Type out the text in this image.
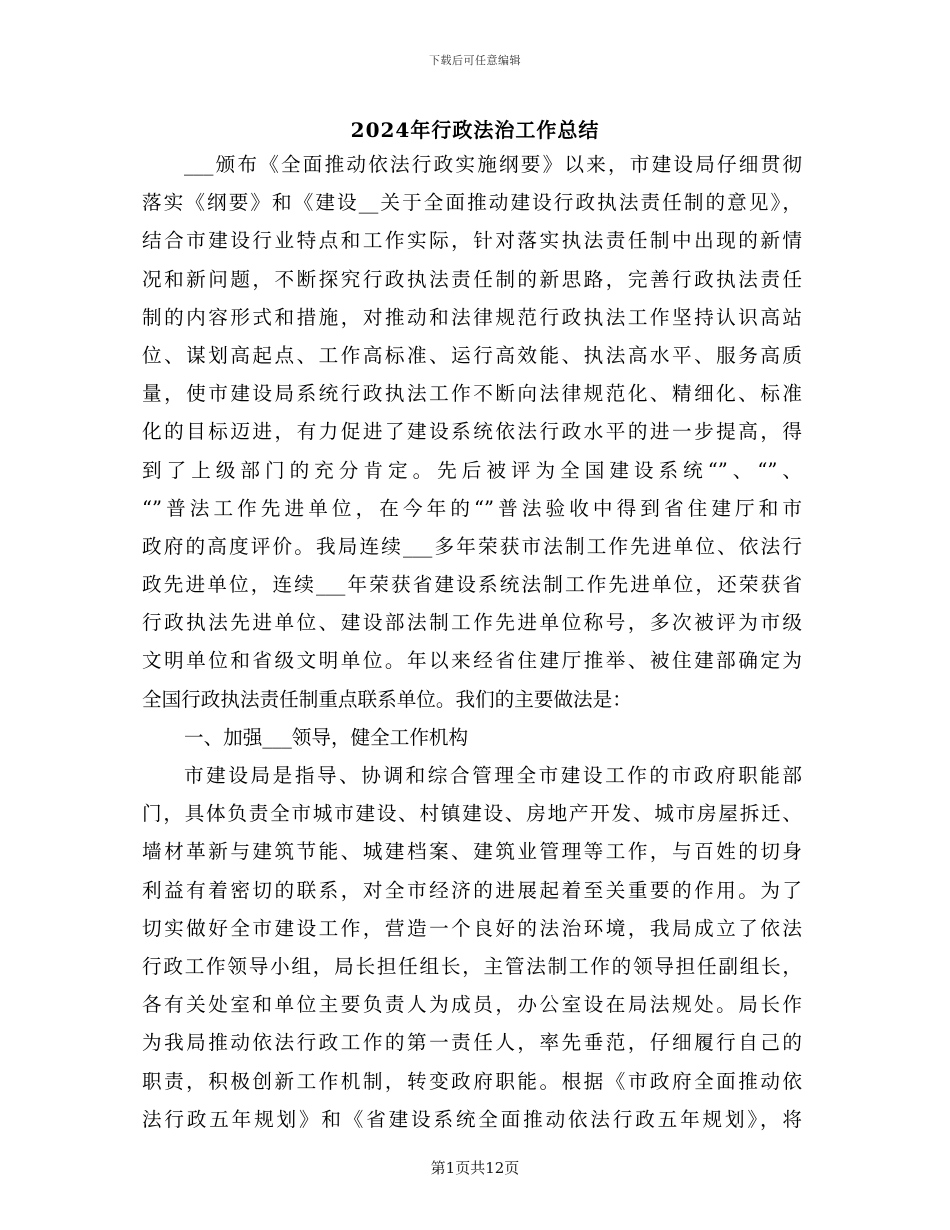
下载后可任意编辑
2024年行政法治工作总结
___颁布《全面推动依法行政实施纲要》以来，市建设局仔细贯彻
落实《纲要》和《建设__关于全面推动建设行政执法责任制的意见》，
结合市建设行业特点和工作实际，针对落实执法责任制中出现的新情
况和新问题，不断探究行政执法责任制的新思路，完善行政执法责任
制的内容形式和措施，对推动和法律规范行政执法工作坚持认识高站
位、谋划高起点、工作高标准、运行高效能、执法高水平、服务高质
量，使市建设局系统行政执法工作不断向法律规范化、精细化、标准
化的目标迈进，有力促进了建设系统依法行政水平的进一步提高，得
到了上级部门的充分肯定。先后被评为全国建设系统“”、“”、
“”普法工作先进单位，在今年的“”普法验收中得到省住建厅和市
政府的高度评价。我局连续___多年荣获市法制工作先进单位、依法行
政先进单位，连续___年荣获省建设系统法制工作先进单位，还荣获省
行政执法先进单位、建设部法制工作先进单位称号，多次被评为市级
文明单位和省级文明单位。年以来经省住建厅推举、被住建部确定为
全国行政执法责任制重点联系单位。我们的主要做法是：
一、加强___领导，健全工作机构
市建设局是指导、协调和综合管理全市建设工作的市政府职能部
门，具体负责全市城市建设、村镇建设、房地产开发、城市房屋拆迁、
墙材革新与建筑节能、城建档案、建筑业管理等工作，与百姓的切身
利益有着密切的联系，对全市经济的进展起着至关重要的作用。为了
切实做好全市建设工作，营造一个良好的法治环境，我局成立了依法
行政工作领导小组，局长担任组长，主管法制工作的领导担任副组长，
各有关处室和单位主要负责人为成员，办公室设在局法规处。局长作
为我局推动依法行政工作的第一责任人，率先垂范，仔细履行自己的
职责，积极创新工作机制，转变政府职能。根据《市政府全面推动依
法行政五年规划》和《省建设系统全面推动依法行政五年规划》，将
第1页共12页
